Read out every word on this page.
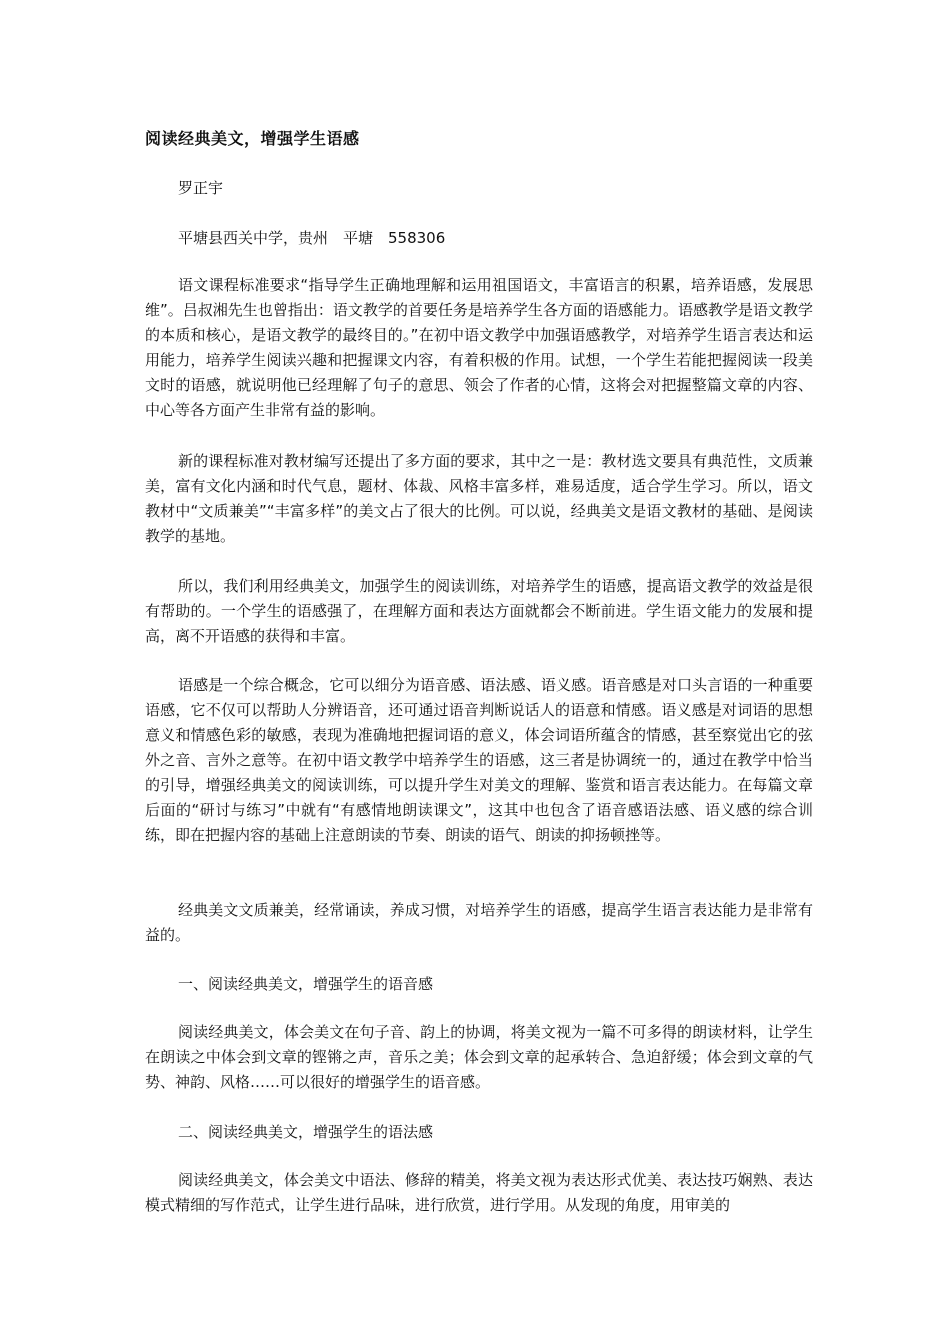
阅读经典美文，增强学生语感
罗正宇
平塘县西关中学，贵州　平塘　558306

语文课程标准要求“指导学生正确地理解和运用祖国语文，丰富语言的积累，培养语感，发展思维”。吕叔湘先生也曾指出：语文教学的首要任务是培养学生各方面的语感能力。语感教学是语文教学的本质和核心，是语文教学的最终目的。”在初中语文教学中加强语感教学，对培养学生语言表达和运用能力，培养学生阅读兴趣和把握课文内容，有着积极的作用。试想，一个学生若能把握阅读一段美文时的语感，就说明他已经理解了句子的意思、领会了作者的心情，这将会对把握整篇文章的内容、中心等各方面产生非常有益的影响。

新的课程标准对教材编写还提出了多方面的要求，其中之一是：教材选文要具有典范性，文质兼美，富有文化内涵和时代气息，题材、体裁、风格丰富多样，难易适度，适合学生学习。所以，语文教材中“文质兼美”“丰富多样”的美文占了很大的比例。可以说，经典美文是语文教材的基础、是阅读教学的基地。

所以，我们利用经典美文，加强学生的阅读训练，对培养学生的语感，提高语文教学的效益是很有帮助的。一个学生的语感强了，在理解方面和表达方面就都会不断前进。学生语文能力的发展和提高，离不开语感的获得和丰富。

语感是一个综合概念，它可以细分为语音感、语法感、语义感。语音感是对口头言语的一种重要语感，它不仅可以帮助人分辨语音，还可通过语音判断说话人的语意和情感。语义感是对词语的思想意义和情感色彩的敏感，表现为准确地把握词语的意义，体会词语所蕴含的情感，甚至察觉出它的弦外之音、言外之意等。在初中语文教学中培养学生的语感，这三者是协调统一的，通过在教学中恰当的引导，增强经典美文的阅读训练，可以提升学生对美文的理解、鉴赏和语言表达能力。在每篇文章后面的“研讨与练习”中就有“有感情地朗读课文”，这其中也包含了语音感语法感、语义感的综合训练，即在把握内容的基础上注意朗读的节奏、朗读的语气、朗读的抑扬顿挫等。

经典美文文质兼美，经常诵读，养成习惯，对培养学生的语感，提高学生语言表达能力是非常有益的。

一、阅读经典美文，增强学生的语音感

阅读经典美文，体会美文在句子音、韵上的协调，将美文视为一篇不可多得的朗读材料，让学生在朗读之中体会到文章的铿锵之声，音乐之美；体会到文章的起承转合、急迫舒缓；体会到文章的气势、神韵、风格……可以很好的增强学生的语音感。

二、阅读经典美文，增强学生的语法感

阅读经典美文，体会美文中语法、修辞的精美，将美文视为表达形式优美、表达技巧娴熟、表达模式精细的写作范式，让学生进行品味，进行欣赏，进行学用。从发现的角度，用审美的
